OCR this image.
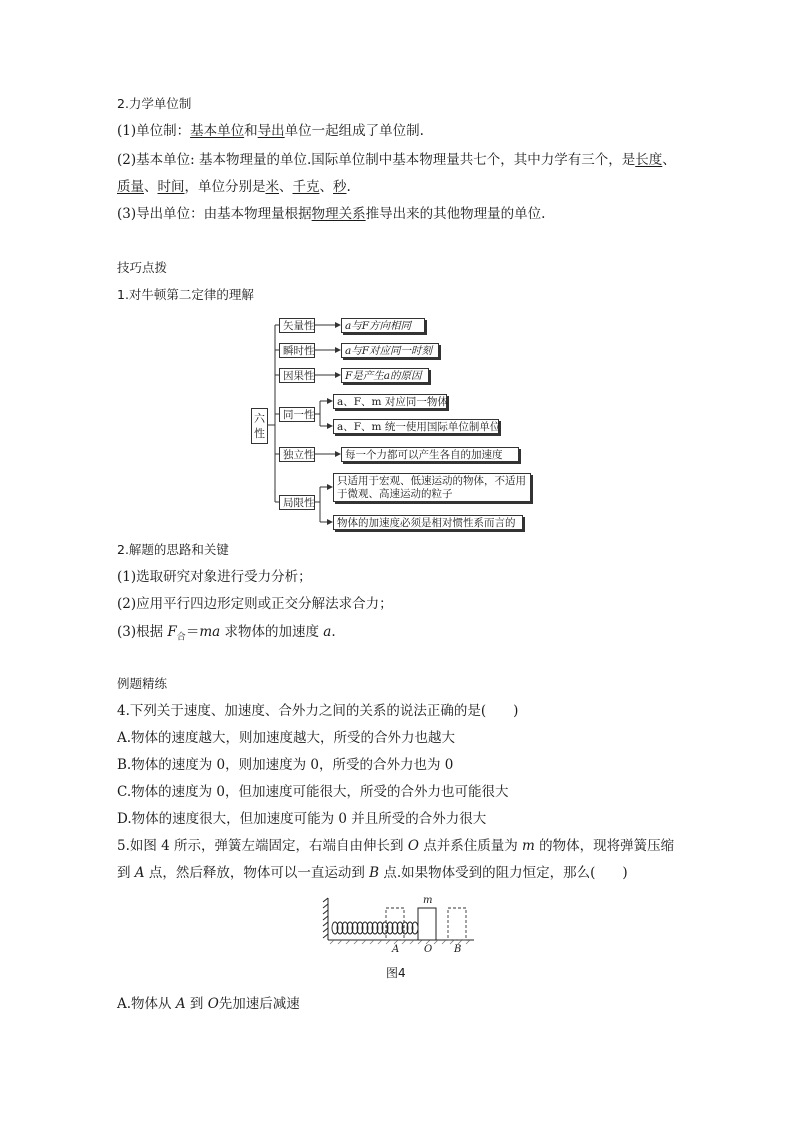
2.力学单位制
(1)单位制：基本单位和导出单位一起组成了单位制.
(2)基本单位: 基本物理量的单位.国际单位制中基本物理量共七个，其中力学有三个，是长度、
质量、时间，单位分别是米、千克、秒.
(3)导出单位：由基本物理量根据物理关系推导出来的其他物理量的单位.
技巧点拨
1.对牛顿第二定律的理解
六性
矢量性
瞬时性
因果性
同一性
独立性
局限性
a与F方向相同
a与F对应同一时刻
F是产生a的原因
a、F、m 对应同一物体
a、F、m 统一使用国际单位制单位
每一个力都可以产生各自的加速度
只适用于宏观、低速运动的物体，不适用于微观、高速运动的粒子
物体的加速度必须是相对惯性系而言的
2.解题的思路和关键
(1)选取研究对象进行受力分析；
(2)应用平行四边形定则或正交分解法求合力；
(3)根据 $F_合=ma$ 求物体的加速度 a.
例题精练
4.下列关于速度、加速度、合外力之间的关系的说法正确的是(　　)
A.物体的速度越大，则加速度越大，所受的合外力也越大
B.物体的速度为 0，则加速度为 0，所受的合外力也为 0
C.物体的速度为 0，但加速度可能很大，所受的合外力也可能很大
D.物体的速度很大，但加速度可能为 0 并且所受的合外力很大
5.如图 4 所示，弹簧左端固定，右端自由伸长到 O 点并系住质量为 m 的物体，现将弹簧压缩
到 A 点，然后释放，物体可以一直运动到 B 点.如果物体受到的阻力恒定，那么(　　)
m
A O B
图4
A.物体从 A 到 O先加速后减速
